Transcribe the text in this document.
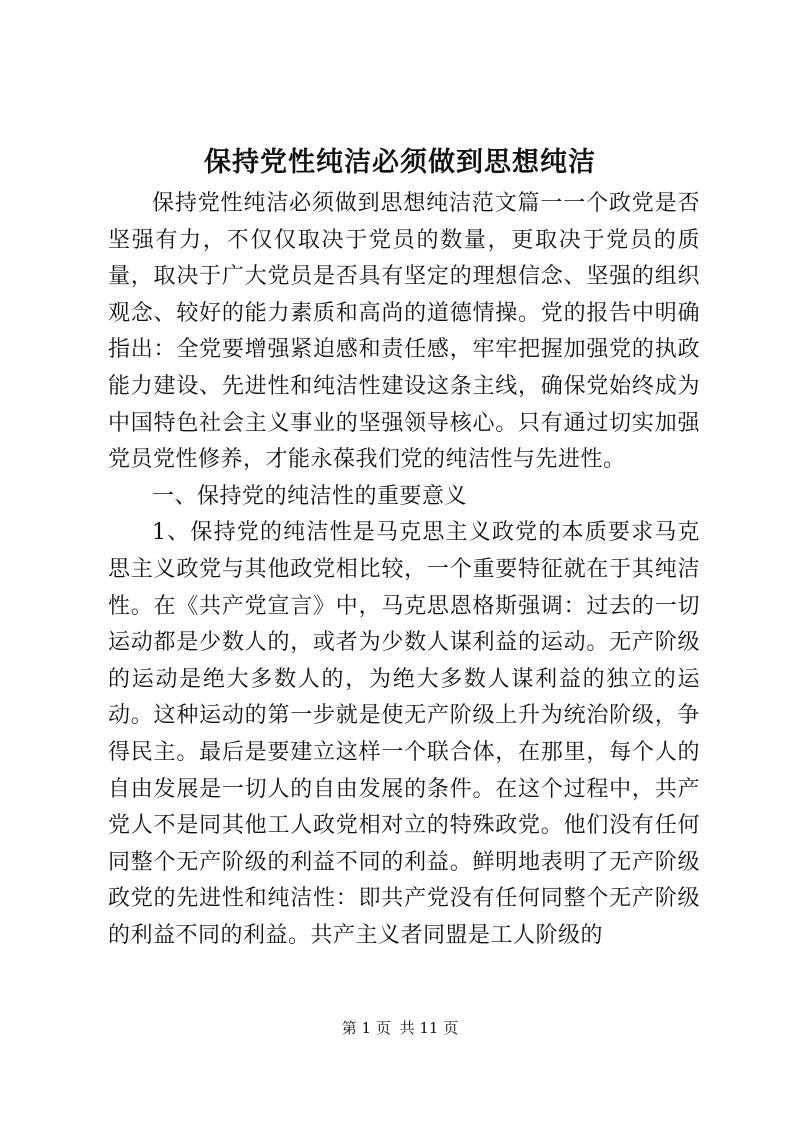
保持党性纯洁必须做到思想纯洁

保持党性纯洁必须做到思想纯洁范文篇一一个政党是否坚强有力，不仅仅取决于党员的数量，更取决于党员的质量，取决于广大党员是否具有坚定的理想信念、坚强的组织观念、较好的能力素质和高尚的道德情操。党的报告中明确指出：全党要增强紧迫感和责任感，牢牢把握加强党的执政能力建设、先进性和纯洁性建设这条主线，确保党始终成为中国特色社会主义事业的坚强领导核心。只有通过切实加强党员党性修养，才能永葆我们党的纯洁性与先进性。

一、保持党的纯洁性的重要意义

1、保持党的纯洁性是马克思主义政党的本质要求马克思主义政党与其他政党相比较，一个重要特征就在于其纯洁性。在《共产党宣言》中，马克思恩格斯强调：过去的一切运动都是少数人的，或者为少数人谋利益的运动。无产阶级的运动是绝大多数人的，为绝大多数人谋利益的独立的运动。这种运动的第一步就是使无产阶级上升为统治阶级，争得民主。最后是要建立这样一个联合体，在那里，每个人的自由发展是一切人的自由发展的条件。在这个过程中，共产党人不是同其他工人政党相对立的特殊政党。他们没有任何同整个无产阶级的利益不同的利益。鲜明地表明了无产阶级政党的先进性和纯洁性：即共产党没有任何同整个无产阶级的利益不同的利益。共产主义者同盟是工人阶级的

第 1 页 共 11 页
